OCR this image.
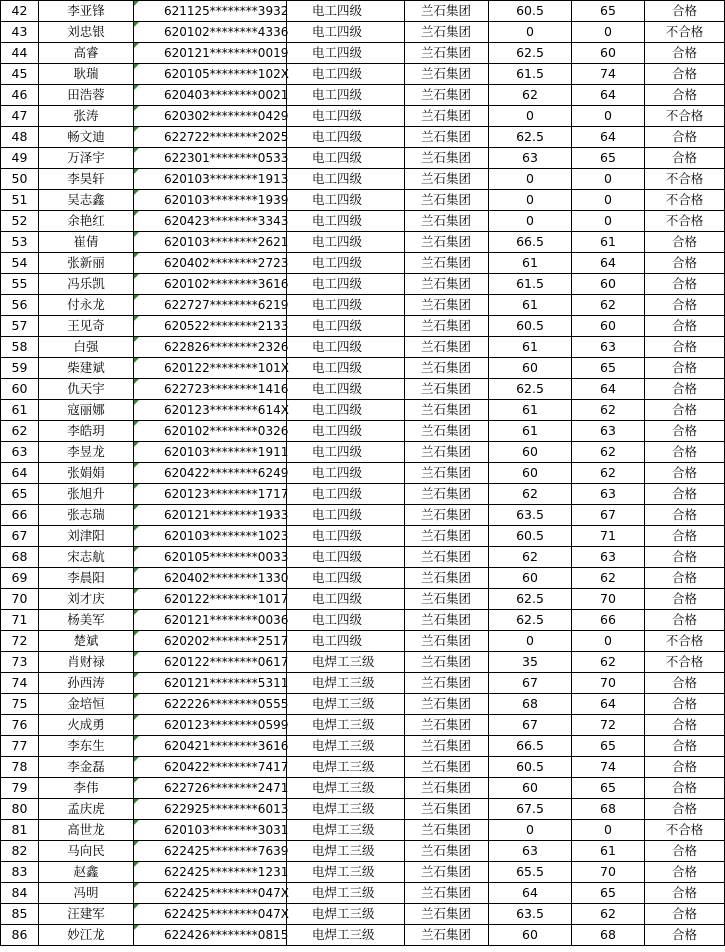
42	李亚锋	621125********3932	电工四级	兰石集团	60.5	65	合格
43	刘忠银	620102********4336	电工四级	兰石集团	0	0	不合格
44	高睿	620121********0019	电工四级	兰石集团	62.5	60	合格
45	耿瑞	620105********102X	电工四级	兰石集团	61.5	74	合格
46	田浩蓉	620403********0021	电工四级	兰石集团	62	64	合格
47	张涛	620302********0429	电工四级	兰石集团	0	0	不合格
48	畅文迪	622722********2025	电工四级	兰石集团	62.5	64	合格
49	万泽宇	622301********0533	电工四级	兰石集团	63	65	合格
50	李昊轩	620103********1913	电工四级	兰石集团	0	0	不合格
51	吴志鑫	620103********1939	电工四级	兰石集团	0	0	不合格
52	余艳红	620423********3343	电工四级	兰石集团	0	0	不合格
53	崔倩	620103********2621	电工四级	兰石集团	66.5	61	合格
54	张新丽	620402********2723	电工四级	兰石集团	61	64	合格
55	冯乐凯	620102********3616	电工四级	兰石集团	61.5	60	合格
56	付永龙	622727********6219	电工四级	兰石集团	61	62	合格
57	王见奇	620522********2133	电工四级	兰石集团	60.5	60	合格
58	白强	622826********2326	电工四级	兰石集团	61	63	合格
59	柴建斌	620122********101X	电工四级	兰石集团	60	65	合格
60	仇天宇	622723********1416	电工四级	兰石集团	62.5	64	合格
61	寇丽娜	620123********614X	电工四级	兰石集团	61	62	合格
62	李皓玥	620102********0326	电工四级	兰石集团	61	63	合格
63	李昱龙	620103********1911	电工四级	兰石集团	60	62	合格
64	张娟娟	620422********6249	电工四级	兰石集团	60	62	合格
65	张旭升	620123********1717	电工四级	兰石集团	62	63	合格
66	张志瑞	620121********1933	电工四级	兰石集团	63.5	67	合格
67	刘津阳	620103********1023	电工四级	兰石集团	60.5	71	合格
68	宋志航	620105********0033	电工四级	兰石集团	62	63	合格
69	李晨阳	620402********1330	电工四级	兰石集团	60	62	合格
70	刘才庆	620122********1017	电工四级	兰石集团	62.5	70	合格
71	杨美军	620121********0036	电工四级	兰石集团	62.5	66	合格
72	楚斌	620202********2517	电工四级	兰石集团	0	0	不合格
73	肖财禄	620122********0617	电焊工三级	兰石集团	35	62	不合格
74	孙西涛	620121********5311	电焊工三级	兰石集团	67	70	合格
75	金培恒	622226********0555	电焊工三级	兰石集团	68	64	合格
76	火成勇	620123********0599	电焊工三级	兰石集团	67	72	合格
77	李东生	620421********3616	电焊工三级	兰石集团	66.5	65	合格
78	李金磊	620422********7417	电焊工三级	兰石集团	60.5	74	合格
79	李伟	622726********2471	电焊工三级	兰石集团	60	65	合格
80	孟庆虎	622925********6013	电焊工三级	兰石集团	67.5	68	合格
81	高世龙	620103********3031	电焊工三级	兰石集团	0	0	不合格
82	马向民	622425********7639	电焊工三级	兰石集团	63	61	合格
83	赵鑫	622425********1231	电焊工三级	兰石集团	65.5	70	合格
84	冯明	622425********047X	电焊工三级	兰石集团	64	65	合格
85	汪建军	622425********047X	电焊工三级	兰石集团	63.5	62	合格
86	妙江龙	622426********0815	电焊工三级	兰石集团	60	68	合格
